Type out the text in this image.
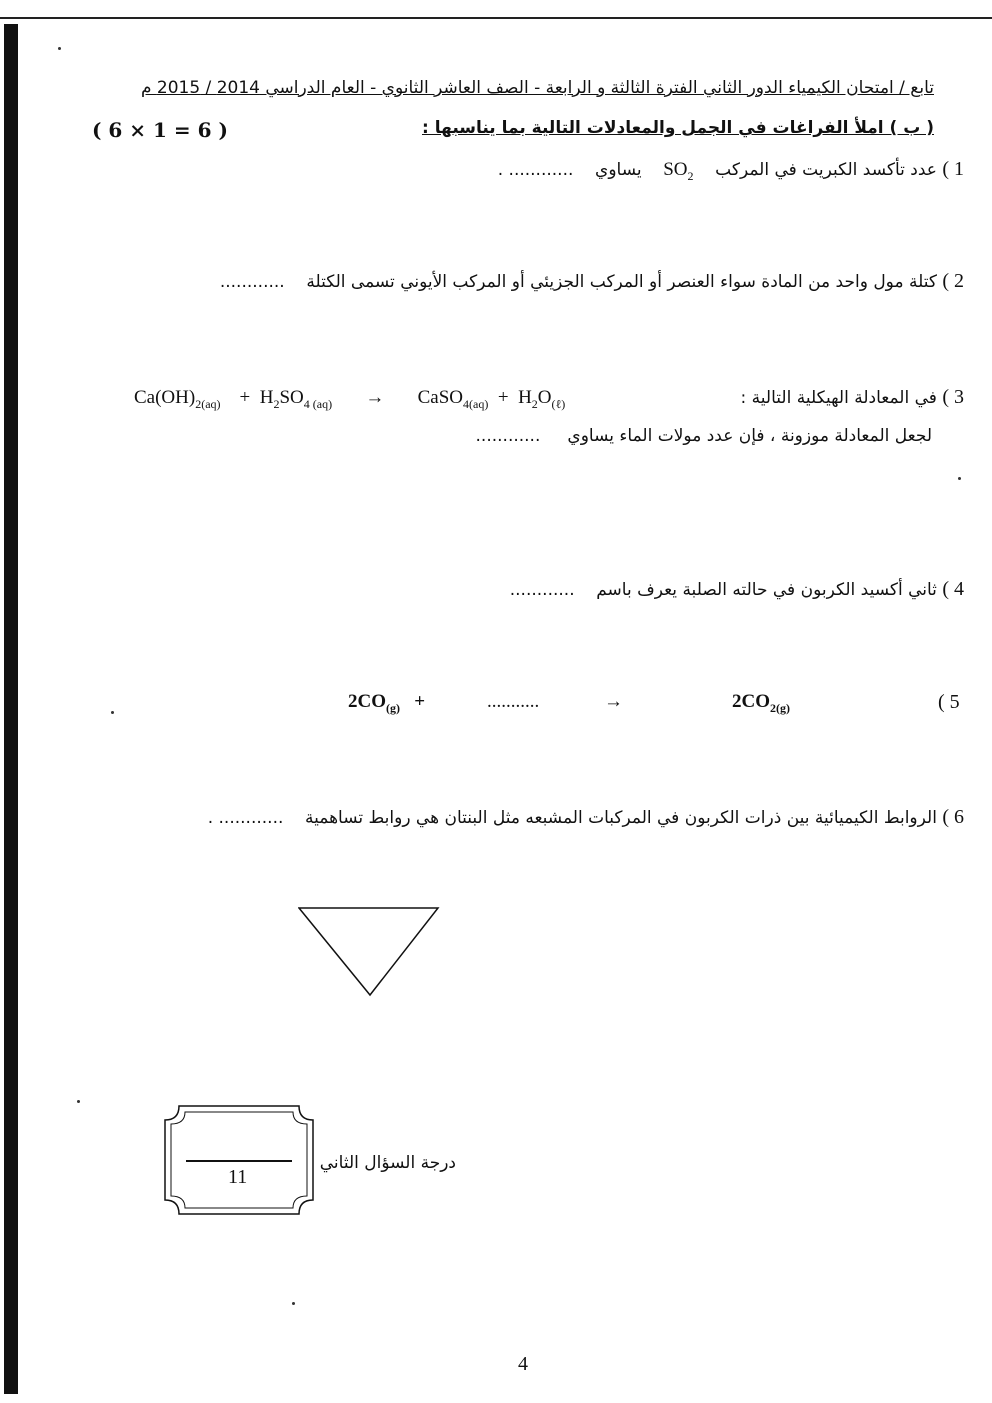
تابع / امتحان الكيمياء الدور الثاني الفترة الثالثة و الرابعة - الصف العاشر الثانوي - العام الدراسي 2014 / 2015 م
( 6 × 1 = 6 )	( ب ) املأ الفراغات في الجمل والمعادلات التالية بما يناسبها :
1 ) عدد تأكسد الكبريت في المركب    $SO_2$    يساوي    ............ .
2 ) كتلة مول واحد من المادة سواء العنصر أو المركب الجزيئي أو المركب الأيوني تسمى الكتلة    ............
$Ca(OH)_{2(aq)} + H_2SO_{4 (aq)}$ → CaSO$_{4(aq)}$ + $H_2O_{(\ell)}$	3 ) في المعادلة الهيكلية التالية :
لجعل المعادلة موزونة ، فإن عدد مولات الماء يساوي     ............
4 ) ثاني أكسيد الكربون في حالته الصلبة يعرف باسم    ............
( 5
$2CO_{(g)}$ +	...........	→	$2CO_{2(g)}$
6 ) الروابط الكيميائية بين ذرات الكربون في المركبات المشبعه مثل البنتان هي روابط تساهمية    ............ .
11
درجة السؤال الثاني
4
